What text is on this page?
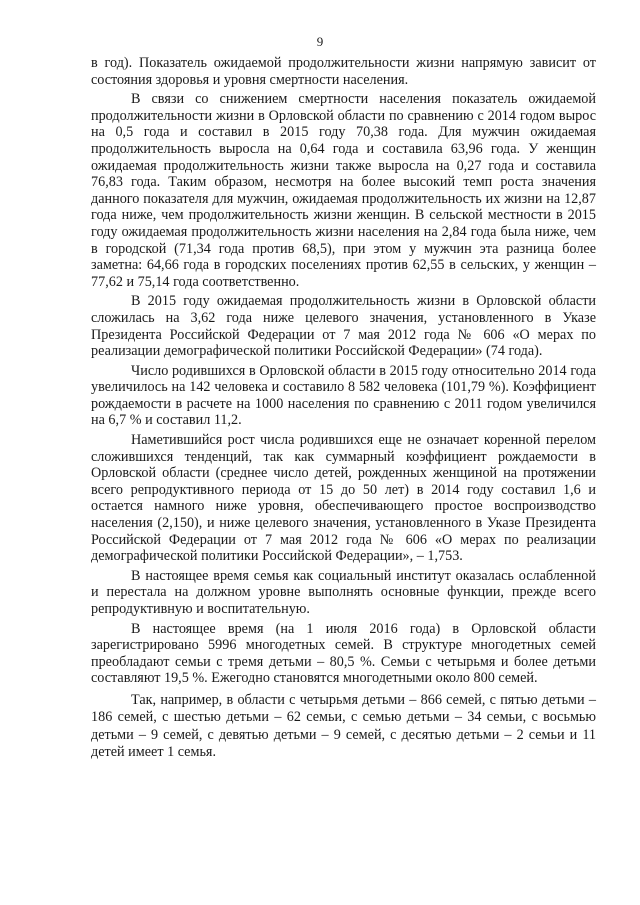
9

в год). Показатель ожидаемой продолжительности жизни напрямую зависит от состояния здоровья и уровня смертности населения.

В связи со снижением смертности населения показатель ожидаемой продолжительности жизни в Орловской области по сравнению с 2014 годом вырос на 0,5 года и составил в 2015 году 70,38 года. Для мужчин ожидаемая продолжительность выросла на 0,64 года и составила 63,96 года. У женщин ожидаемая продолжительность жизни также выросла на 0,27 года и составила 76,83 года. Таким образом, несмотря на более высокий темп роста значения данного показателя для мужчин, ожидаемая продолжительность их жизни на 12,87 года ниже, чем продолжительность жизни женщин. В сельской местности в 2015 году ожидаемая продолжительность жизни населения на 2,84 года была ниже, чем в городской (71,34 года против 68,5), при этом у мужчин эта разница более заметна: 64,66 года в городских поселениях против 62,55 в сельских, у женщин – 77,62 и 75,14 года соответственно.

В 2015 году ожидаемая продолжительность жизни в Орловской области сложилась на 3,62 года ниже целевого значения, установленного в Указе Президента Российской Федерации от 7 мая 2012 года № 606 «О мерах по реализации демографической политики Российской Федерации» (74 года).

Число родившихся в Орловской области в 2015 году относительно 2014 года увеличилось на 142 человека и составило 8 582 человека (101,79 %). Коэффициент рождаемости в расчете на 1000 населения по сравнению с 2011 годом увеличился на 6,7 % и составил 11,2.

Наметившийся рост числа родившихся еще не означает коренной перелом сложившихся тенденций, так как суммарный коэффициент рождаемости в Орловской области (среднее число детей, рожденных женщиной на протяжении всего репродуктивного периода от 15 до 50 лет) в 2014 году составил 1,6 и остается намного ниже уровня, обеспечивающего простое воспроизводство населения (2,150), и ниже целевого значения, установленного в Указе Президента Российской Федерации от 7 мая 2012 года № 606 «О мерах по реализации демографической политики Российской Федерации», – 1,753.

В настоящее время семья как социальный институт оказалась ослабленной и перестала на должном уровне выполнять основные функции, прежде всего репродуктивную и воспитательную.

В настоящее время (на 1 июля 2016 года) в Орловской области зарегистрировано 5996 многодетных семей. В структуре многодетных семей преобладают семьи с тремя детьми – 80,5 %. Семьи с четырьмя и более детьми составляют 19,5 %. Ежегодно становятся многодетными около 800 семей.

Так, например, в области с четырьмя детьми – 866 семей, с пятью детьми – 186 семей, с шестью детьми – 62 семьи, с семью детьми – 34 семьи, с восьмью детьми – 9 семей, с девятью детьми – 9 семей, с десятью детьми – 2 семьи и 11 детей имеет 1 семья.
